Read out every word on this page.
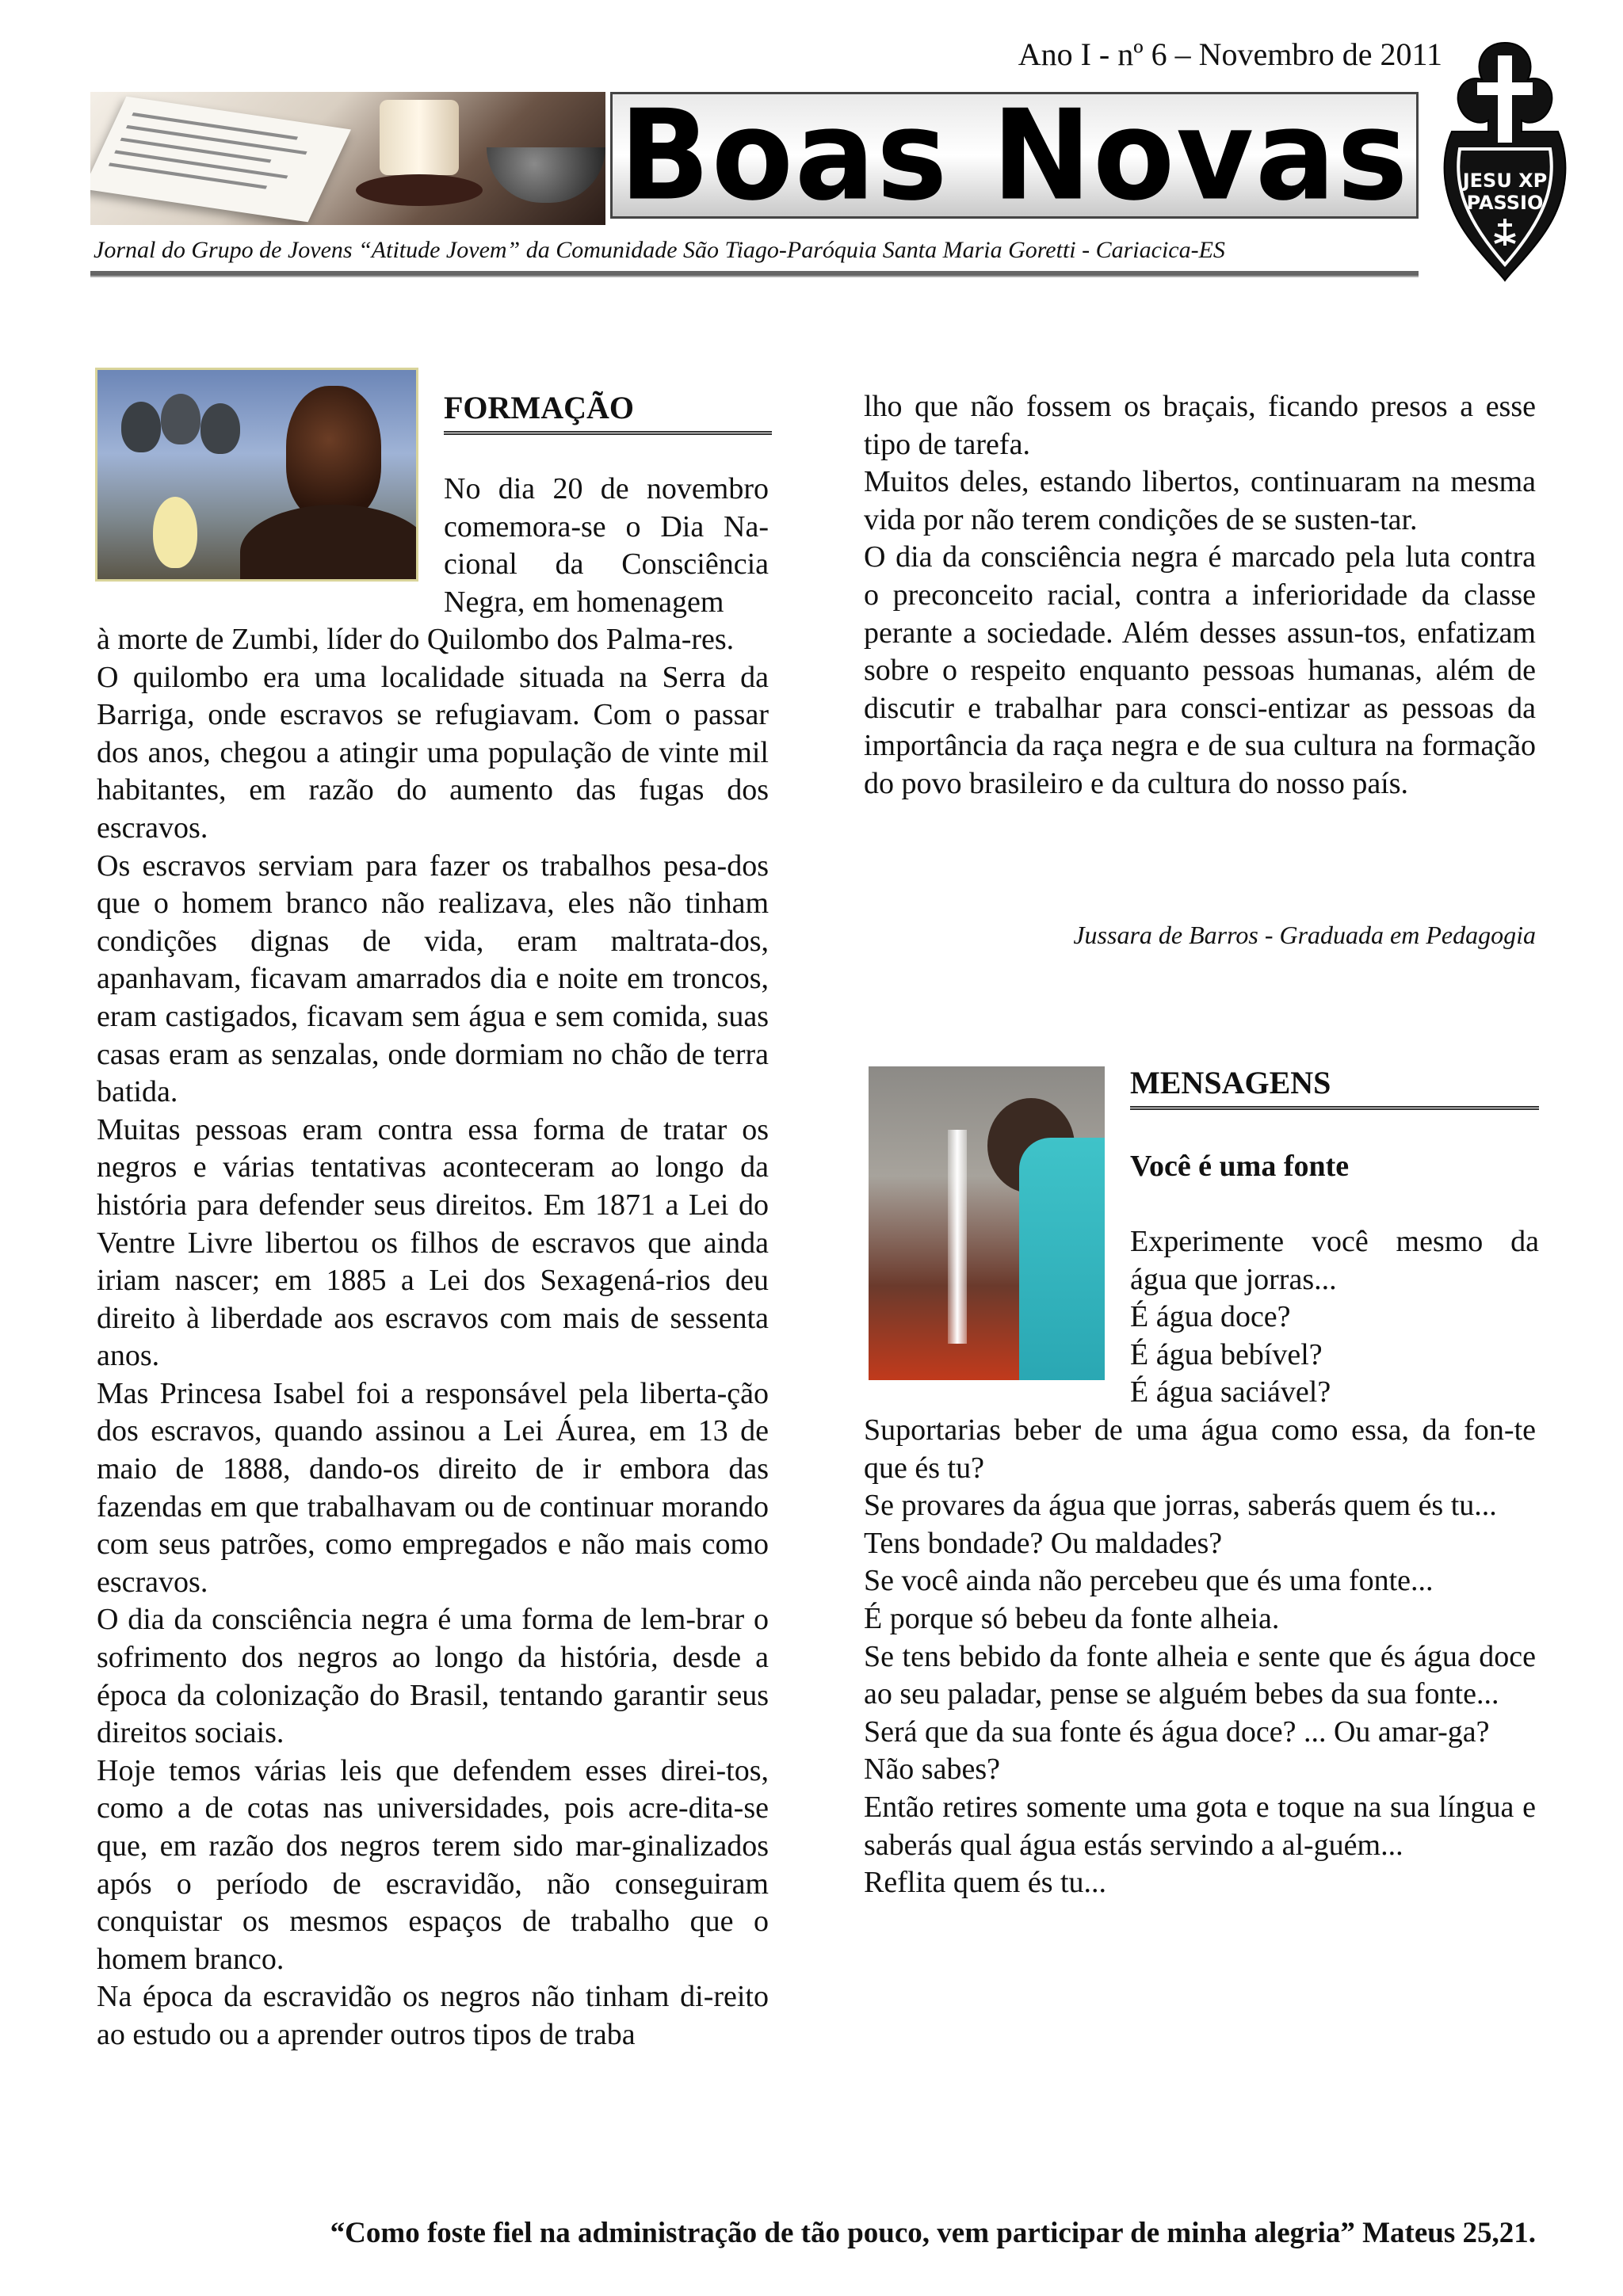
Ano I - nº 6 – Novembro de 2011
Boas Novas
Jornal do Grupo de Jovens “Atitude Jovem” da Comunidade São Tiago-Paróquia Santa Maria Goretti - Cariacica-ES
JESU XP
PASSIO
FORMAÇÃO

No dia 20 de novembro comemora-se o Dia Na-cional da Consciência Negra, em homenagem

à morte de Zumbi, líder do Quilombo dos Palma-res.

O quilombo era uma localidade situada na Serra da Barriga, onde escravos se refugiavam. Com o passar dos anos, chegou a atingir uma população de vinte mil habitantes, em razão do aumento das fugas dos escravos.

Os escravos serviam para fazer os trabalhos pesa-dos que o homem branco não realizava, eles não tinham condições dignas de vida, eram maltrata-dos, apanhavam, ficavam amarrados dia e noite em troncos, eram castigados, ficavam sem água e sem comida, suas casas eram as senzalas, onde dormiam no chão de terra batida.

Muitas pessoas eram contra essa forma de tratar os negros e várias tentativas aconteceram ao longo da história para defender seus direitos. Em 1871 a Lei do Ventre Livre libertou os filhos de escravos que ainda iriam nascer; em 1885 a Lei dos Sexagená-rios deu direito à liberdade aos escravos com mais de sessenta anos.

Mas Princesa Isabel foi a responsável pela liberta-ção dos escravos, quando assinou a Lei Áurea, em 13 de maio de 1888, dando-os direito de ir embora das fazendas em que trabalhavam ou de continuar morando com seus patrões, como empregados e não mais como escravos.

O dia da consciência negra é uma forma de lem-brar o sofrimento dos negros ao longo da história, desde a época da colonização do Brasil, tentando garantir seus direitos sociais.

Hoje temos várias leis que defendem esses direi-tos, como a de cotas nas universidades, pois acre-dita-se que, em razão dos negros terem sido mar-ginalizados após o período de escravidão, não conseguiram conquistar os mesmos espaços de trabalho que o homem branco.

Na época da escravidão os negros não tinham di-reito ao estudo ou a aprender outros tipos de traba

lho que não fossem os braçais, ficando presos a esse tipo de tarefa.

Muitos deles, estando libertos, continuaram na mesma vida por não terem condições de se susten-tar.

O dia da consciência negra é marcado pela luta contra o preconceito racial, contra a inferioridade da classe perante a sociedade. Além desses assun-tos, enfatizam sobre o respeito enquanto pessoas humanas, além de discutir e trabalhar para consci-entizar as pessoas da importância da raça negra e de sua cultura na formação do povo brasileiro e da cultura do nosso país.

Jussara de Barros - Graduada em Pedagogia
MENSAGENS
Você é uma fonte

Experimente você mesmo da água que jorras...

É água doce?

É água bebível?

É água saciável?

Suportarias beber de uma água como essa, da fon-te que és tu?

Se provares da água que jorras, saberás quem és tu...

Tens bondade? Ou maldades?

Se você ainda não percebeu que és uma fonte...

É porque só bebeu da fonte alheia.

Se tens bebido da fonte alheia e sente que és água doce ao seu paladar, pense se alguém bebes da sua fonte...

Será que da sua fonte és água doce? ... Ou amar-ga?

Não sabes?

Então retires somente uma gota e toque na sua língua e saberás qual água estás servindo a al-guém...

Reflita quem és tu...

“Como foste fiel na administração de tão pouco, vem participar de minha alegria” Mateus 25,21.
